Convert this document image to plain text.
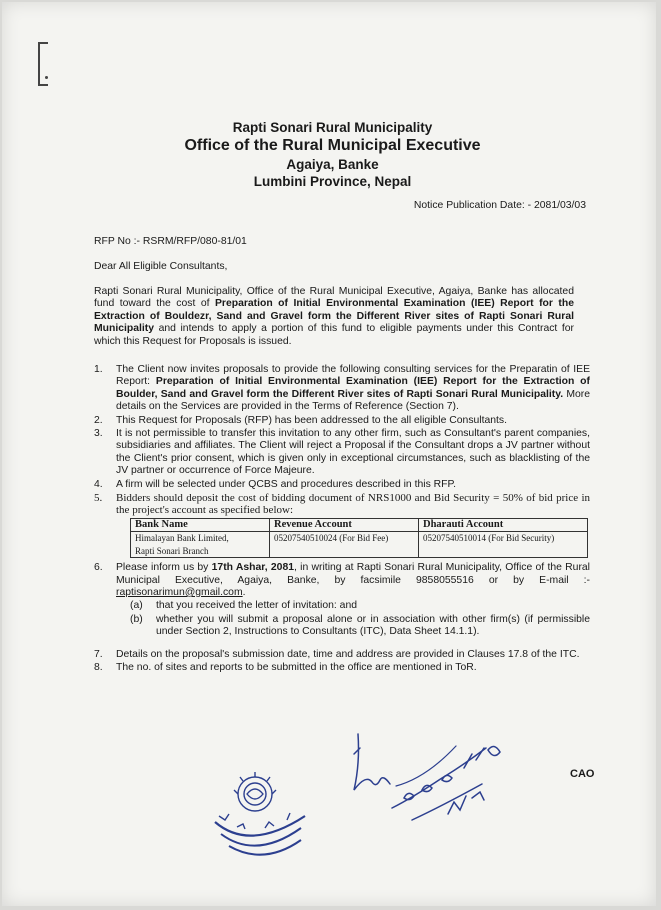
Rapti Sonari Rural Municipality
Office of the Rural Municipal Executive
Agaiya, Banke
Lumbini Province, Nepal
Notice Publication Date: - 2081/03/03
RFP No :- RSRM/RFP/080-81/01
Dear All Eligible Consultants,
Rapti Sonari Rural Municipality, Office of the Rural Municipal Executive, Agaiya, Banke has allocated fund toward the cost of Preparation of Initial Environmental Examination (IEE) Report for the Extraction of Bouldezr, Sand and Gravel form the Different River sites of Rapti Sonari Rural Municipality and intends to apply a portion of this fund to eligible payments under this Contract for which this Request for Proposals is issued.
1. The Client now invites proposals to provide the following consulting services for the Preparatin of IEE Report: Preparation of Initial Environmental Examination (IEE) Report for the Extraction of Boulder, Sand and Gravel form the Different River sites of Rapti Sonari Rural Municipality. More details on the Services are provided in the Terms of Reference (Section 7).
2. This Request for Proposals (RFP) has been addressed to the all eligible Consultants.
3. It is not permissible to transfer this invitation to any other firm, such as Consultant's parent companies, subsidiaries and affiliates. The Client will reject a Proposal if the Consultant drops a JV partner without the Client's prior consent, which is given only in exceptional circumstances, such as blacklisting of the JV partner or occurrence of Force Majeure.
4. A firm will be selected under QCBS and procedures described in this RFP.
5. Bidders should deposit the cost of bidding document of NRS1000 and Bid Security = 50% of bid price in the project's account as specified below:
Bank Name	Revenue Account	Dharauti Account

Himalayan Bank Limited,
Rapti Sonari Branch	05207540510024 (For Bid Fee)	05207540510014 (For Bid Security)
6. Please inform us by 17th Ashar, 2081, in writing at Rapti Sonari Rural Municipality, Office of the Rural Municipal Executive, Agaiya, Banke, by facsimile 9858055516 or by E-mail :- raptisonarimun@gmail.com.
(a) that you received the letter of invitation: and
(b) whether you will submit a proposal alone or in association with other firm(s) (if permissible under Section 2, Instructions to Consultants (ITC), Data Sheet 14.1.1).
7. Details on the proposal's submission date, time and address are provided in Clauses 17.8 of the ITC.
8. The no. of sites and reports to be submitted in the office are mentioned in ToR.
CAO
